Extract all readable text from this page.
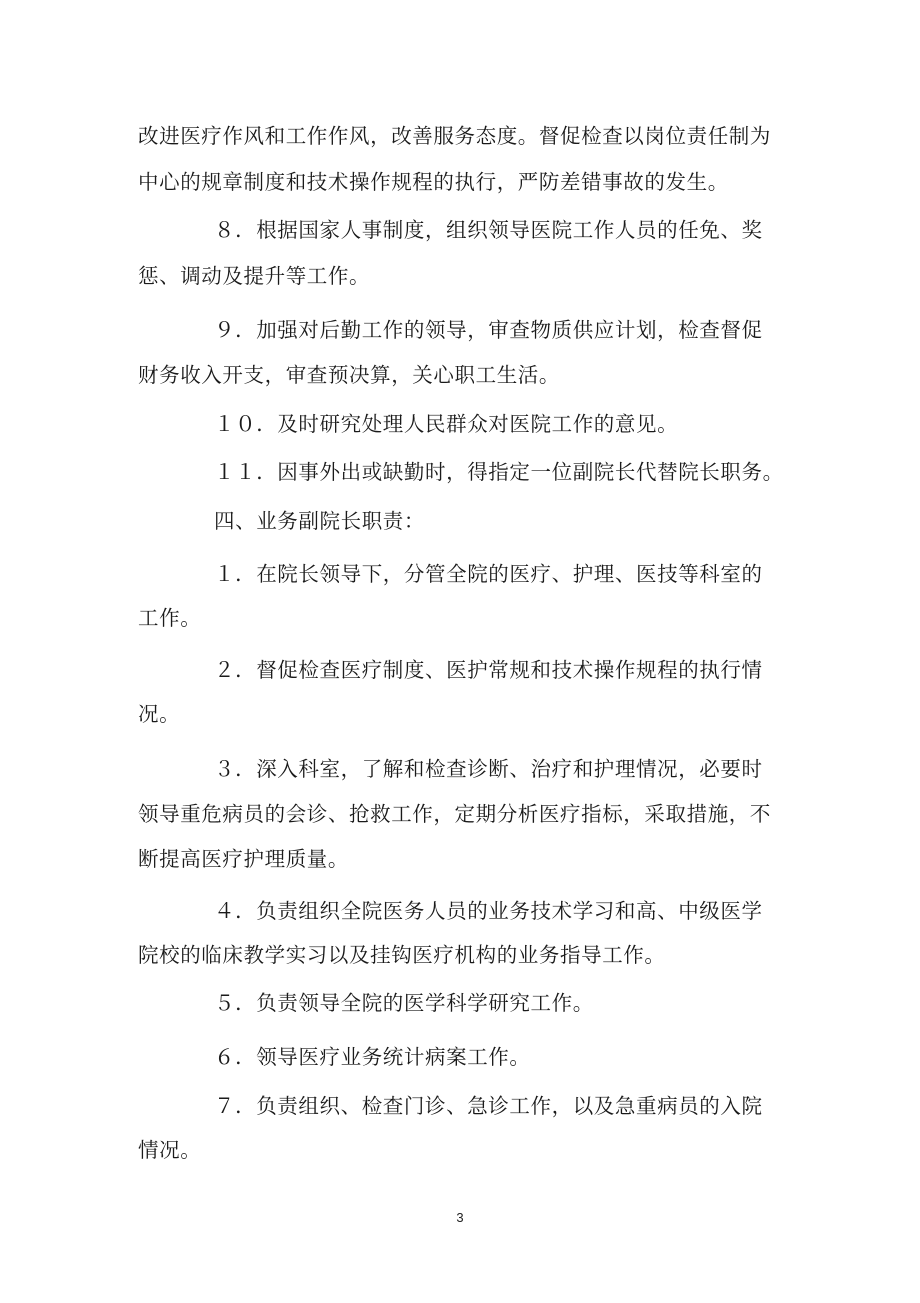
改进医疗作风和工作作风，改善服务态度。督促检查以岗位责任制为
中心的规章制度和技术操作规程的执行，严防差错事故的发生。
８．根据国家人事制度，组织领导医院工作人员的任免、奖
惩、调动及提升等工作。
９．加强对后勤工作的领导，审查物质供应计划，检查督促
财务收入开支，审查预决算，关心职工生活。
１０．及时研究处理人民群众对医院工作的意见。
１１．因事外出或缺勤时，得指定一位副院长代替院长职务。
四、业务副院长职责：
１．在院长领导下，分管全院的医疗、护理、医技等科室的
工作。
２．督促检查医疗制度、医护常规和技术操作规程的执行情
况。
３．深入科室，了解和检查诊断、治疗和护理情况，必要时
领导重危病员的会诊、抢救工作，定期分析医疗指标，采取措施，不
断提高医疗护理质量。
４．负责组织全院医务人员的业务技术学习和高、中级医学
院校的临床教学实习以及挂钩医疗机构的业务指导工作。
５．负责领导全院的医学科学研究工作。
６．领导医疗业务统计病案工作。
７．负责组织、检查门诊、急诊工作，以及急重病员的入院
情况。
3
